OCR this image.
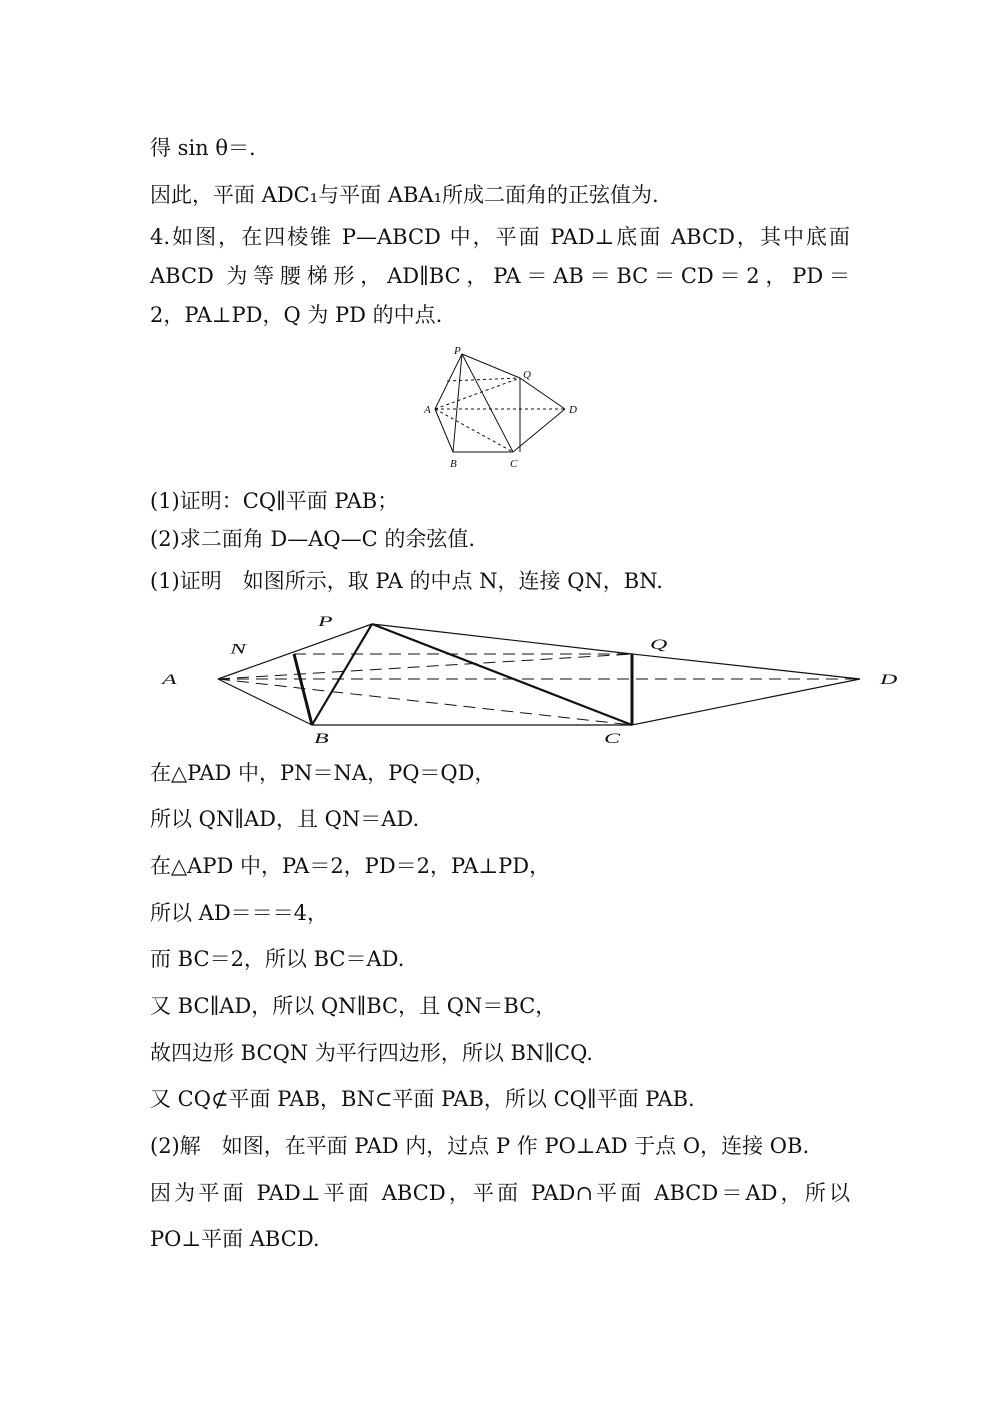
得 sin θ＝.
因此，平面 ADC₁与平面 ABA₁所成二面角的正弦值为.
4.如图，在四棱锥 P—ABCD 中，平面 PAD⊥底面 ABCD，其中底面
ABCD 为等腰梯形，AD∥BC，PA＝AB＝BC＝CD＝2，PD＝
2，PA⊥PD，Q 为 PD 的中点.
P
Q
A	D
B	C
(1)证明：CQ∥平面 PAB；
(2)求二面角 D—AQ—C 的余弦值.
(1)证明　如图所示，取 PA 的中点 N，连接 QN，BN.
P
N	Q
A	D
B	C
在△PAD 中，PN＝NA，PQ＝QD，
所以 QN∥AD，且 QN＝AD.
在△APD 中，PA＝2，PD＝2，PA⊥PD，
所以 AD＝＝＝4，
而 BC＝2，所以 BC＝AD.
又 BC∥AD，所以 QN∥BC，且 QN＝BC，
故四边形 BCQN 为平行四边形，所以 BN∥CQ.
又 CQ⊄平面 PAB，BN⊂平面 PAB，所以 CQ∥平面 PAB.
(2)解　如图，在平面 PAD 内，过点 P 作 PO⊥AD 于点 O，连接 OB.
因为平面 PAD⊥平面 ABCD，平面 PAD∩平面 ABCD＝AD，所以
PO⊥平面 ABCD.
